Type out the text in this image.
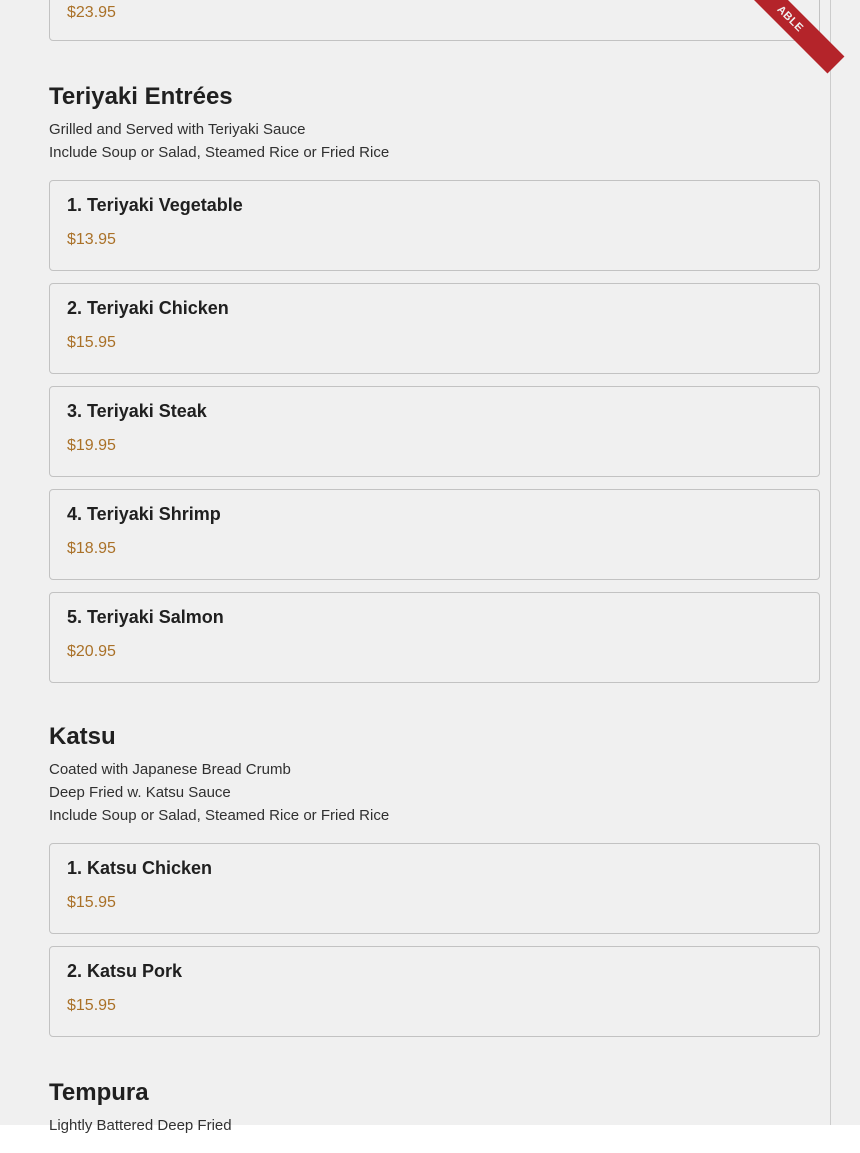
$23.95	ABLE
Teriyaki Entrées
Grilled and Served with Teriyaki Sauce
Include Soup or Salad, Steamed Rice or Fried Rice
1. Teriyaki Vegetable
$13.95
2. Teriyaki Chicken
$15.95
3. Teriyaki Steak
$19.95
4. Teriyaki Shrimp
$18.95
5. Teriyaki Salmon
$20.95
Katsu
Coated with Japanese Bread Crumb
Deep Fried w. Katsu Sauce
Include Soup or Salad, Steamed Rice or Fried Rice
1. Katsu Chicken
$15.95
2. Katsu Pork
$15.95
Tempura
Lightly Battered Deep Fried
